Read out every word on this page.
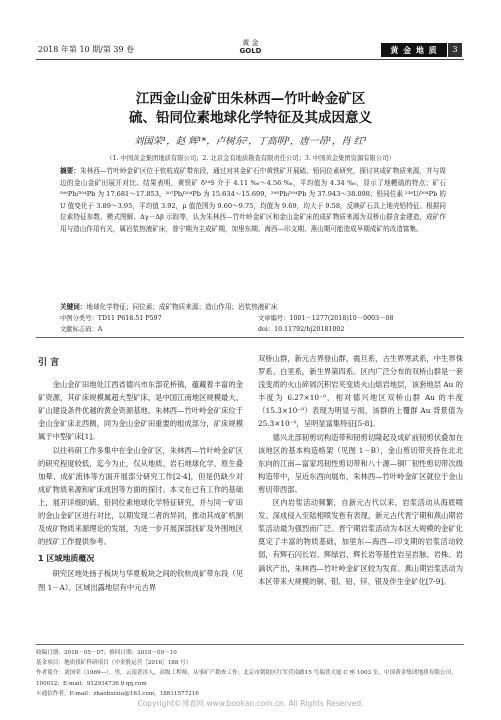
2018 年第 10 期/第 39 卷
黄 金
GOLD	黄 金 地 质	3
江西金山金矿田朱林西—竹叶岭金矿区
硫、铅同位素地球化学特征及其成因意义
刘国荣¹，赵 辉¹*，卢树东²，丁高明³，唐一昂¹，肖 红¹
（1. 中国黄金集团地质有限公司；2. 北京金有地质勘查有限责任公司；3. 中国黄金集团资源有限公司）
摘要：朱林西—竹叶岭金矿区位于钦杭成矿带东段，通过对其金矿石中黄铁矿开展硫、铅同位素研究，探讨其成矿物质来源，并与周边的金山金矿田展开对比。结果表明，黄铁矿 δ³⁴S 介于 4.11 ‰～4.56 ‰，平均值为 4.34 ‰，显示了地幔硫的特点；矿石 ²⁰⁶Pb/²⁰⁴Pb 为 17.681～17.853，²⁰⁷Pb/²⁰⁴Pb 为 15.634～15.699，²⁰⁸Pb/²⁰⁴Pb 为 37.943～38.098；铅同位素 ²³⁸U/²⁰⁴Pb 的 U 值变化于 3.89～3.95，平均值 3.92，μ 值范围为 9.60～9.75，均值为 9.69，均大于 9.58，反映矿石具上地壳铅特征。根据同位素特征参数、模式图解、Δγ－Δβ 示踪等，认为朱林西—竹叶岭金矿区和金山金矿床的成矿物质来源为双桥山群含金建造，成矿作用与造山作用有关，属岩浆热液矿床，普宁期为主成矿期，加里东期、海西—印支期、燕山期可能造成早期成矿的改造富集。
关键词：地球化学特征；同位素；成矿物质来源；造山作用；岩浆热液矿床
中图分类号：TD11 P618.51 P597
文献标志码：A
文章编号：1001－1277(2018)10－0003－08
doi：10.11792/hj20181002

引 言

金山金矿田地处江西省德兴市东部花桥镇，蕴藏着丰富的金矿资源，其矿床规模属超大型矿床，是中国江南地区规模最大、矿山建设条件优越的黄金资源基地。朱林西—竹叶岭金矿床位于金山金矿床北西侧，同为金山金矿田重要的组成部分，矿床规模属于中型矿床[1]。

以往科研工作多集中在金山金矿区，朱林西—竹叶岭金矿区的研究程度较低，迄今为止，仅从地质、岩石地球化学、原生叠加晕、成矿流体等方面开展部分研究工作[2-4]，但是仍缺少对成矿物质来源和矿床成因等方面的探讨。本文在已有工作的基础上，展开详细的硫、铅同位素地球化学特征研究，并与同一矿田的金山金矿区进行对比，以期发现二者的异同，推动其成矿机制及成矿物质来源理论的发展，为进一步开展深部找矿及外围地区的找矿工作提供参考。

1 区域地质概况

研究区地处扬子板块与华夏板块之间的钦杭成矿带东段（见图 1－A）。区域出露地层有中元古界

双桥山群，新元古界登山群，震旦系，古生界寒武系，中生界侏罗系、白垩系，新生界第四系。区内广泛分布的双桥山群是一套浅变质的火山碎屑沉积岩夹变质火山熔岩地层，该套地层 Au 的丰度为 6.27×10⁻⁹，相对德兴地区双桥山群 Au 的丰度（15.3×10⁻⁹）表现为明显亏损，该群的上覆群 Au 背景值为 25.3×10⁻⁹，呈明显富集特征[5-8]。

德兴北部韧剪切构造带和韧剪切隆起及成矿前韧剪伏叠加在该地区的基本构造格架（见图 1－B），金山剪切带夹持在北北东向的江南—富家坞韧性剪切带和八十源—铜厂韧性剪切带次级构造带中，呈近东西向展布，朱林西—竹叶岭金矿区就位于金山剪切带西部。

区内岩浆活动频繁，自新元古代以来，岩浆活动从海底喷发、深成侵入至陆相喷发皆有表现，新元古代晋宁期和燕山期岩浆活动最为强烈而广泛。晋宁期岩浆活动为本区大规模的金矿化奠定了丰富的物质基础，加里东—海西—印支期的岩浆活动较弱，有辉石闪长岩、辉绿岩、辉长岩等基性岩呈岩脉、岩株、岩滴状产出，朱林西—竹叶岭金矿区较为发育。燕山期岩浆活动为本区带来大规模的铜、钼、铅、锌、银及伴生金矿化[7-9]。

收稿日期：2018－05－07；修回日期：2018－09－10
基金项目：地质找矿科研项目（中金股运营［2016］188 号）
作者简介：刘国荣（1969—），男，云南普洱人，高级工程师，从事矿产勘查工作；北京市朝阳区红军营南路15 号瑞普大厦 C 座 1003 室，中国黄金集团地质有限公司，100012；E-mail：912934736 9 qq.com
＊通信作者，E-mail：zhaohuixiu@163.com，18811577216
Copyright©博看网 www.bookan.com.cn. All Rights Reserved.
